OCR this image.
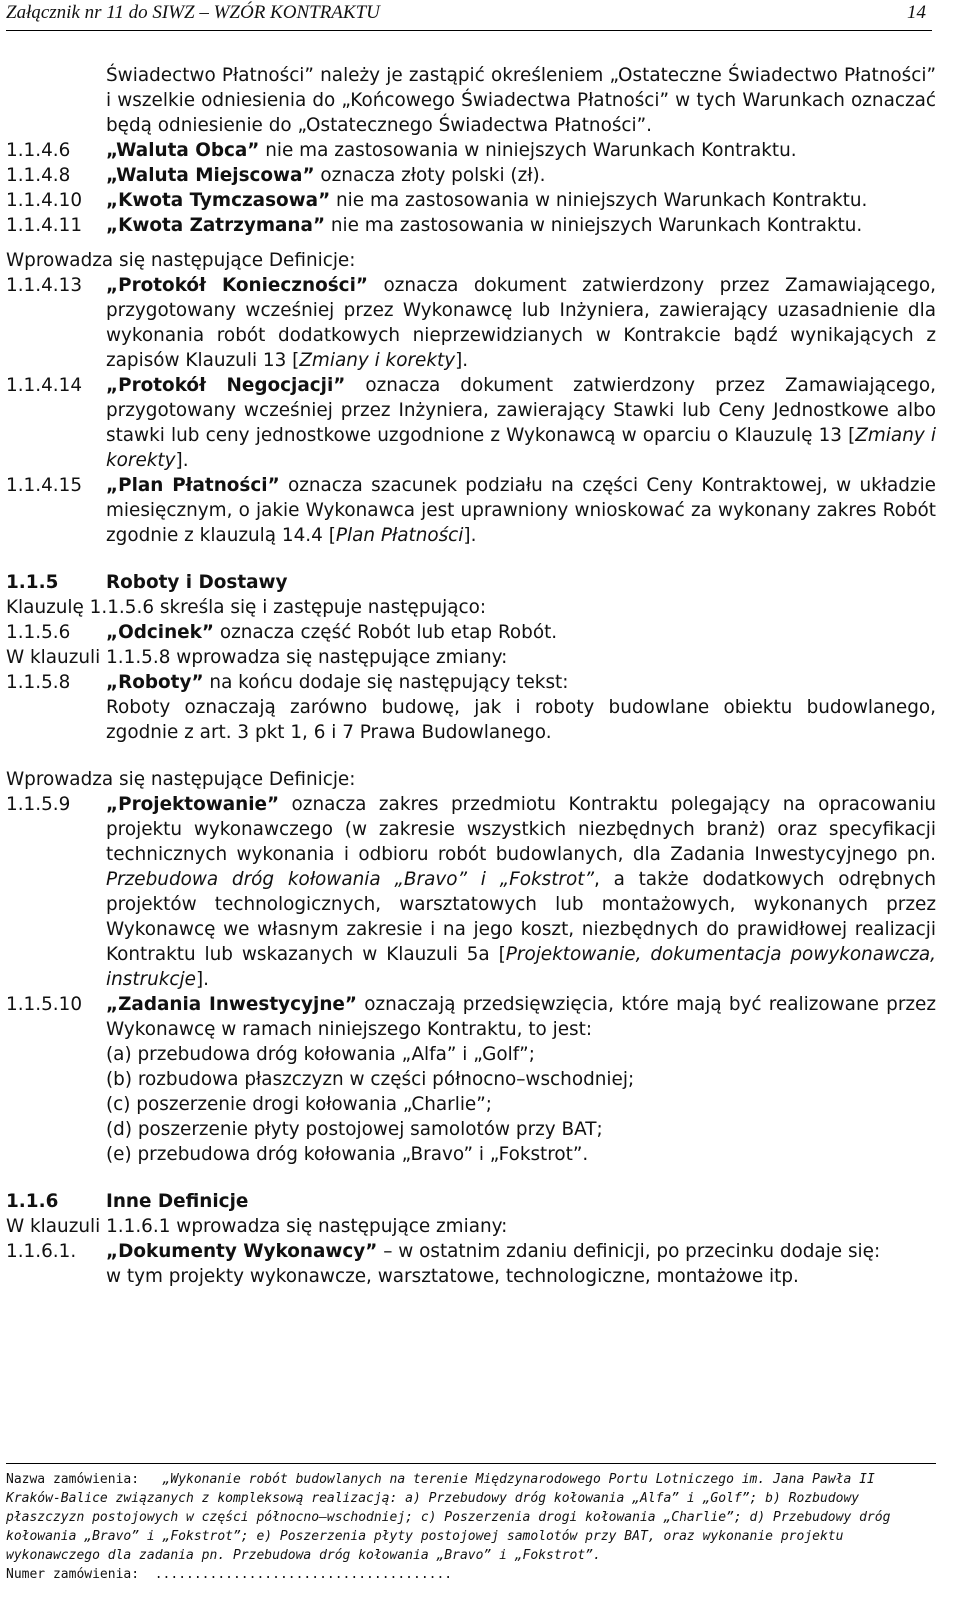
Załącznik nr 11 do SIWZ – WZÓR KONTRAKTU	14
Świadectwo Płatności” należy je zastąpić określeniem „Ostateczne Świadectwo Płatności” i wszelkie odniesienia do „Końcowego Świadectwa Płatności” w tych Warunkach oznaczać będą odniesienie do „Ostatecznego Świadectwa Płatności”.
1.1.4.6	„Waluta Obca” nie ma zastosowania w niniejszych Warunkach Kontraktu.
1.1.4.8	„Waluta Miejscowa” oznacza złoty polski (zł).
1.1.4.10	„Kwota Tymczasowa” nie ma zastosowania w niniejszych Warunkach Kontraktu.
1.1.4.11	„Kwota Zatrzymana” nie ma zastosowania w niniejszych Warunkach Kontraktu.
Wprowadza się następujące Definicje:
1.1.4.13	„Protokół Konieczności” oznacza dokument zatwierdzony przez Zamawiającego, przygotowany wcześniej przez Wykonawcę lub Inżyniera, zawierający uzasadnienie dla wykonania robót dodatkowych nieprzewidzianych w Kontrakcie bądź wynikających z zapisów Klauzuli 13 [Zmiany i korekty].
1.1.4.14	„Protokół Negocjacji” oznacza dokument zatwierdzony przez Zamawiającego, przygotowany wcześniej przez Inżyniera, zawierający Stawki lub Ceny Jednostkowe albo stawki lub ceny jednostkowe uzgodnione z Wykonawcą w oparciu o Klauzulę 13 [Zmiany i korekty].
1.1.4.15	„Plan Płatności” oznacza szacunek podziału na części Ceny Kontraktowej, w układzie miesięcznym, o jakie Wykonawca jest uprawniony wnioskować za wykonany zakres Robót zgodnie z klauzulą 14.4 [Plan Płatności].
1.1.5	Roboty i Dostawy
Klauzulę 1.1.5.6 skreśla się i zastępuje następująco:
1.1.5.6	„Odcinek” oznacza część Robót lub etap Robót.
W klauzuli 1.1.5.8 wprowadza się następujące zmiany:
1.1.5.8	„Roboty” na końcu dodaje się następujący tekst:
Roboty oznaczają zarówno budowę, jak i roboty budowlane obiektu budowlanego, zgodnie z art. 3 pkt 1, 6 i 7 Prawa Budowlanego.
Wprowadza się następujące Definicje:
1.1.5.9	„Projektowanie” oznacza zakres przedmiotu Kontraktu polegający na opracowaniu projektu wykonawczego (w zakresie wszystkich niezbędnych branż) oraz specyfikacji technicznych wykonania i odbioru robót budowlanych, dla Zadania Inwestycyjnego pn. Przebudowa dróg kołowania „Bravo” i „Fokstrot”, a także dodatkowych odrębnych projektów technologicznych, warsztatowych lub montażowych, wykonanych przez Wykonawcę we własnym zakresie i na jego koszt, niezbędnych do prawidłowej realizacji Kontraktu lub wskazanych w Klauzuli 5a [Projektowanie, dokumentacja powykonawcza, instrukcje].
1.1.5.10	„Zadania Inwestycyjne” oznaczają przedsięwzięcia, które mają być realizowane przez Wykonawcę w ramach niniejszego Kontraktu, to jest:
(a) przebudowa dróg kołowania „Alfa” i „Golf”;
(b) rozbudowa płaszczyzn w części północno–wschodniej;
(c) poszerzenie drogi kołowania „Charlie”;
(d) poszerzenie płyty postojowej samolotów przy BAT;
(e) przebudowa dróg kołowania „Bravo” i „Fokstrot”.
1.1.6	Inne Definicje
W klauzuli 1.1.6.1 wprowadza się następujące zmiany:
1.1.6.1.	„Dokumenty Wykonawcy” – w ostatnim zdaniu definicji, po przecinku dodaje się:
w tym projekty wykonawcze, warsztatowe, technologiczne, montażowe itp.
Nazwa zamówienia: „Wykonanie robót budowlanych na terenie Międzynarodowego Portu Lotniczego im. Jana Pawła II Kraków-Balice związanych z kompleksową realizacją: a) Przebudowy dróg kołowania „Alfa” i „Golf”; b) Rozbudowy płaszczyzn postojowych w części północno–wschodniej; c) Poszerzenia drogi kołowania „Charlie”; d) Przebudowy dróg kołowania „Bravo” i „Fokstrot”; e) Poszerzenia płyty postojowej samolotów przy BAT, oraz wykonanie projektu wykonawczego dla zadania pn. Przebudowa dróg kołowania „Bravo” i „Fokstrot”.
Numer zamówienia: ......................................
